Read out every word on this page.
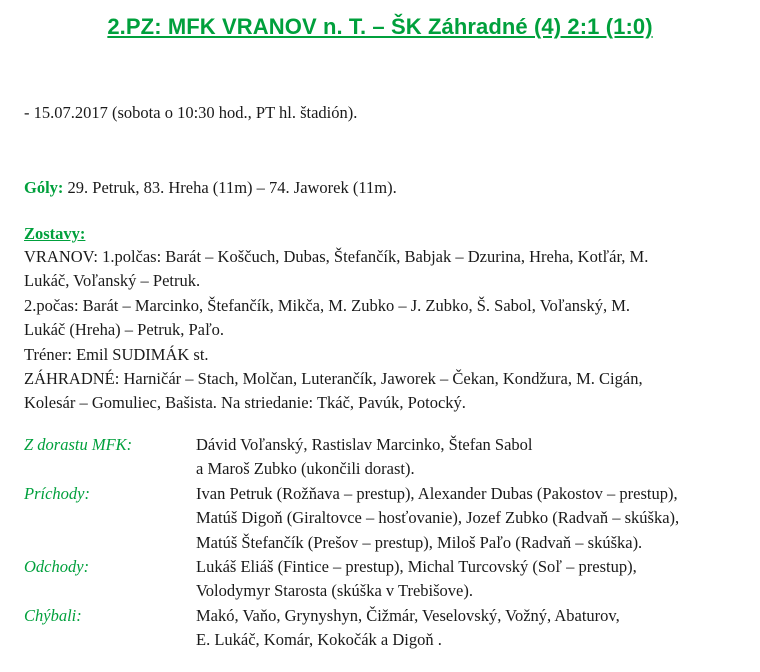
2.PZ: MFK VRANOV n. T. – ŠK Záhradné (4) 2:1 (1:0)
- 15.07.2017 (sobota o 10:30 hod., PT hl. štadión).
Góly: 29. Petruk, 83. Hreha (11m) – 74. Jaworek (11m).
Zostavy:
VRANOV: 1.polčas: Barát – Koščuch, Dubas, Štefančík, Babjak – Dzurina, Hreha, Kotľár, M.
Lukáč, Voľanský – Petruk.
2.počas: Barát – Marcinko, Štefančík, Mikča, M. Zubko – J. Zubko, Š. Sabol, Voľanský, M.
Lukáč (Hreha) – Petruk, Paľo.
Tréner: Emil SUDIMÁK st.
ZÁHRADNÉ: Harničár – Stach, Molčan, Luterančík, Jaworek – Čekan, Kondžura, M. Cigán,
Kolesár – Gomuliec, Bašista. Na striedanie: Tkáč, Pavúk, Potocký.
Z dorastu MFK:	Dávid Voľanský, Rastislav Marcinko, Štefan Sabol
a Maroš Zubko (ukončili dorast).
Príchody:	Ivan Petruk (Rožňava – prestup), Alexander Dubas (Pakostov – prestup),
Matúš Digoň (Giraltovce – hosťovanie), Jozef Zubko (Radvaň – skúška),
Matúš Štefančík (Prešov – prestup), Miloš Paľo (Radvaň – skúška).
Odchody:	Lukáš Eliáš (Fintice – prestup), Michal Turcovský (Soľ – prestup),
Volodymyr Starosta (skúška v Trebišove).
Chýbali:	Makó, Vaňo, Grynyshyn, Čižmár, Veselovský, Vožný, Abaturov,
E. Lukáč, Komár, Kokočák a Digoň .
